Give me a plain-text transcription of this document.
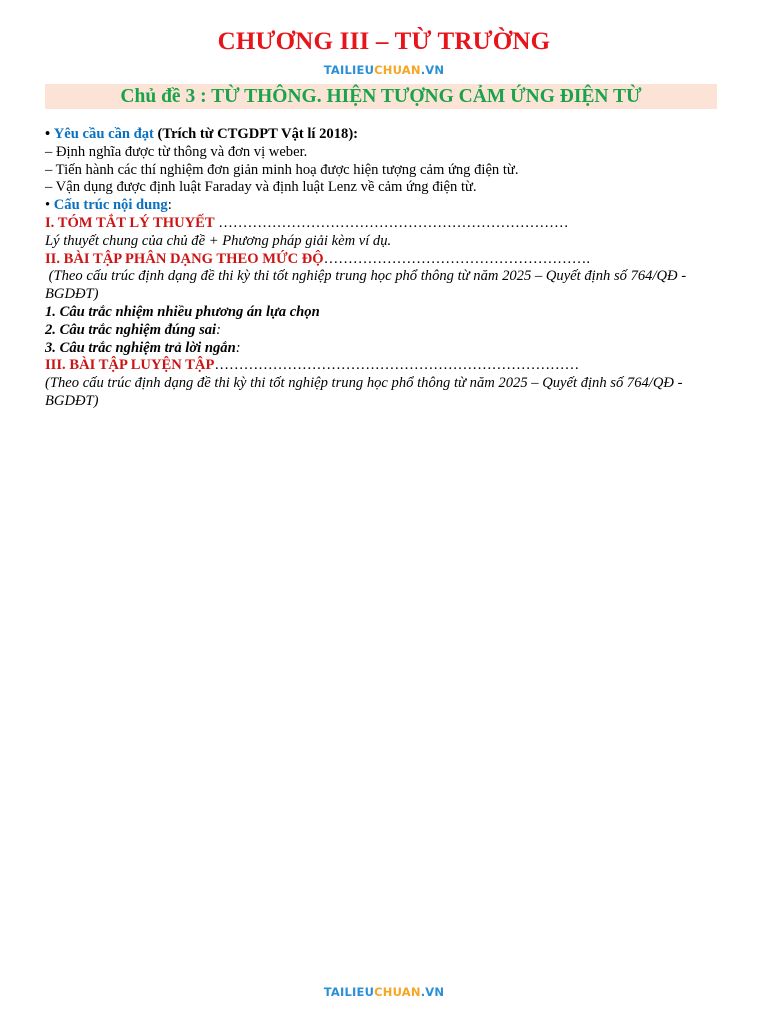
CHƯƠNG III – TỪ TRƯỜNG
TAILIEUCHUAN.VN
Chủ đề 3 : TỪ THÔNG. HIỆN TƯỢNG CẢM ỨNG ĐIỆN TỪ

• Yêu cầu cần đạt (Trích từ CTGDPT Vật lí 2018):

– Định nghĩa được từ thông và đơn vị weber.

– Tiến hành các thí nghiệm đơn giản minh hoạ được hiện tượng cảm ứng điện từ.

– Vận dụng được định luật Faraday và định luật Lenz về cảm ứng điện từ.

• Cấu trúc nội dung:

I. TÓM TẮT LÝ THUYẾT ………………………………………………………………

Lý thuyết chung của chủ đề + Phương pháp giải kèm ví dụ.

II. BÀI TẬP PHÂN DẠNG THEO MỨC ĐỘ……………………………………………….

(Theo cấu trúc định dạng đề thi kỳ thi tốt nghiệp trung học phổ thông từ năm 2025 – Quyết định số 764/QĐ -

BGDĐT)

1. Câu trắc nhiệm nhiều phương án lựa chọn

2. Câu trắc nghiệm đúng sai:

3. Câu trắc nghiệm trả lời ngắn:

III. BÀI TẬP LUYỆN TẬP…………………………………………………………………

(Theo cấu trúc định dạng đề thi kỳ thi tốt nghiệp trung học phổ thông từ năm 2025 – Quyết định số 764/QĐ -

BGDĐT)

TAILIEUCHUAN.VN
